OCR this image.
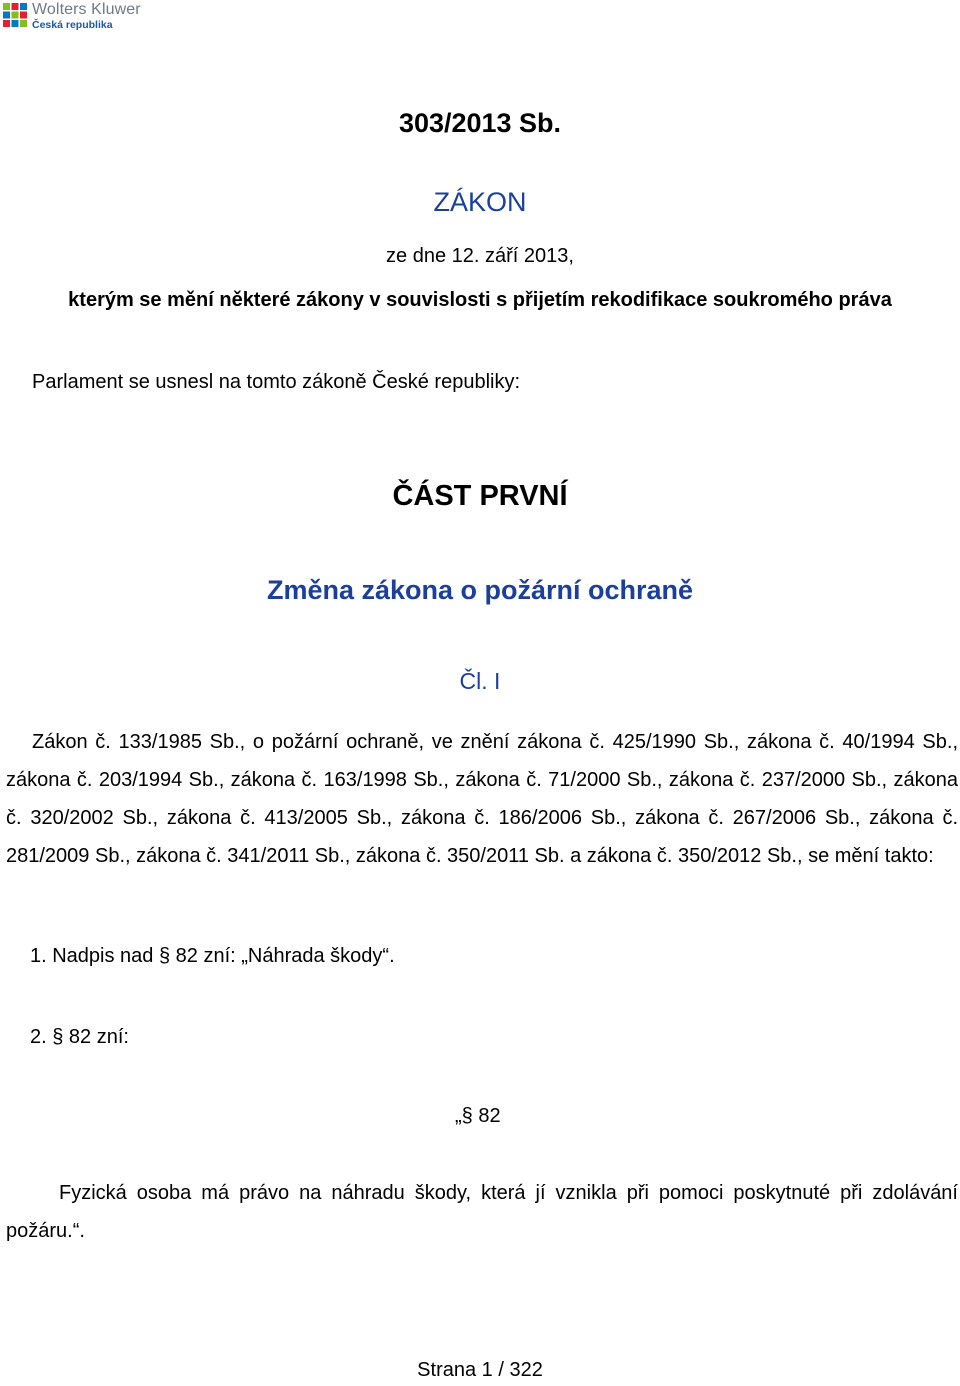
Wolters Kluwer
Česká republika
303/2013 Sb.
ZÁKON
ze dne 12. září 2013,
kterým se mění některé zákony v souvislosti s přijetím rekodifikace soukromého práva
Parlament se usnesl na tomto zákoně České republiky:
ČÁST PRVNÍ
Změna zákona o požární ochraně
Čl. I
Zákon č. 133/1985 Sb., o požární ochraně, ve znění zákona č. 425/1990 Sb., zákona č. 40/1994 Sb., zákona č. 203/1994 Sb., zákona č. 163/1998 Sb., zákona č. 71/2000 Sb., zákona č. 237/2000 Sb., zákona č. 320/2002 Sb., zákona č. 413/2005 Sb., zákona č. 186/2006 Sb., zákona č. 267/2006 Sb., zákona č. 281/2009 Sb., zákona č. 341/2011 Sb., zákona č. 350/2011 Sb. a zákona č. 350/2012 Sb., se mění takto:
1. Nadpis nad § 82 zní: „Náhrada škody“.
2. § 82 zní:
„§ 82
Fyzická osoba má právo na náhradu škody, která jí vznikla při pomoci poskytnuté při zdolávání požáru.“.
Strana 1 / 322
